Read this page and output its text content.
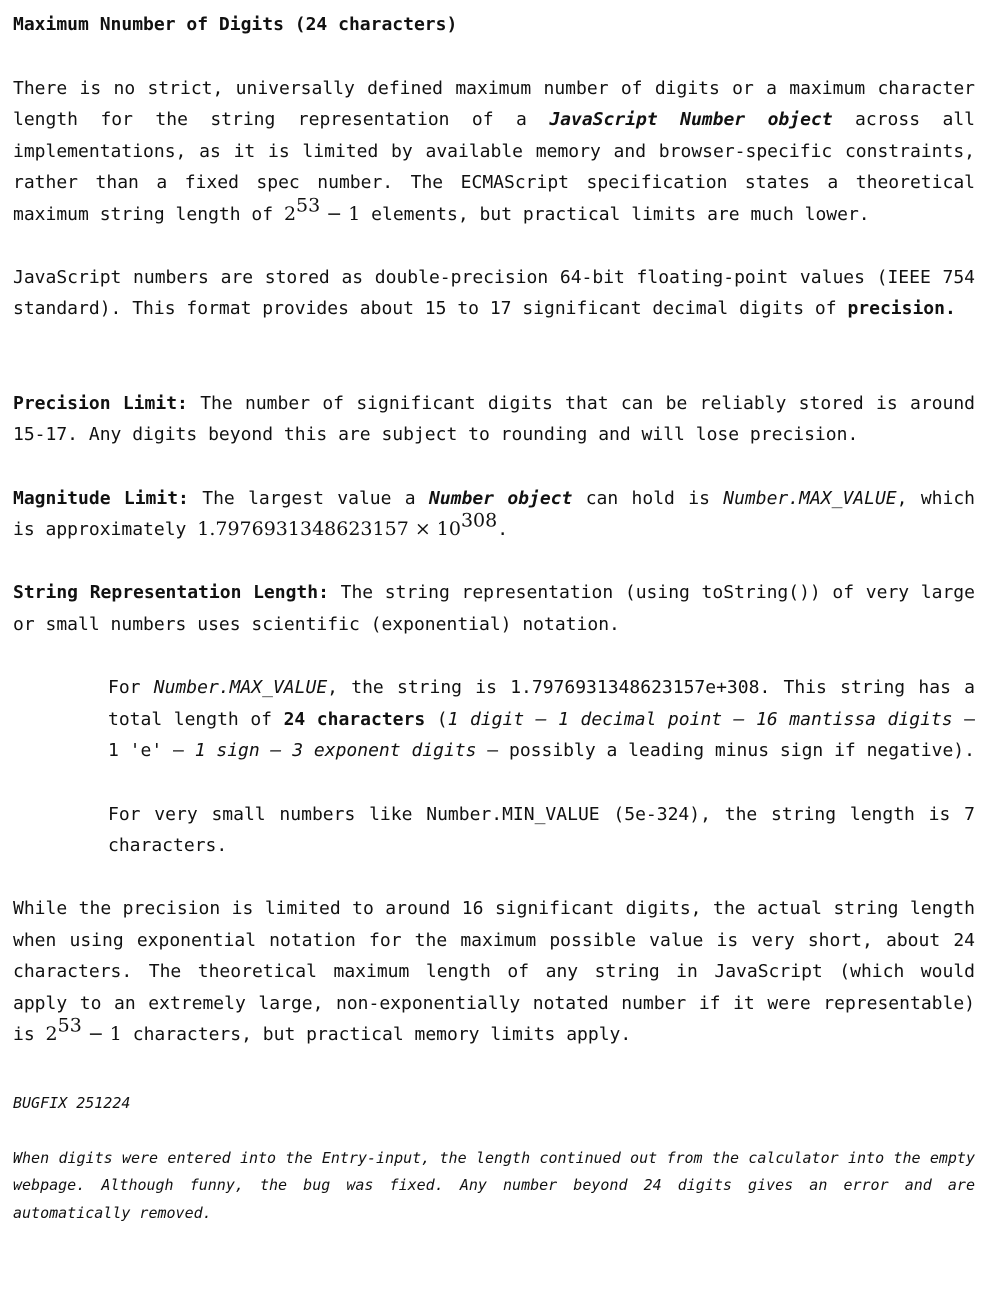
Maximum Nnumber of Digits (24 characters)

There is no strict, universally defined maximum number of digits or a maximum character length for the string representation of a JavaScript Number object across all implementations, as it is limited by available memory and browser-specific constraints, rather than a fixed spec number. The ECMAScript specification states a theoretical maximum string length of $2^{53} - 1$ elements, but practical limits are much lower.

JavaScript numbers are stored as double-precision 64-bit floating-point values (IEEE 754 standard). This format provides about 15 to 17 significant decimal digits of precision.

Precision Limit: The number of significant digits that can be reliably stored is around 15-17. Any digits beyond this are subject to rounding and will lose precision.

Magnitude Limit: The largest value a Number object can hold is Number.MAX_VALUE, which is approximately $1.7976931348623157 \times 10^{308}$.

String Representation Length: The string representation (using toString()) of very large or small numbers uses scientific (exponential) notation.

For Number.MAX_VALUE, the string is 1.7976931348623157e+308. This string has a total length of 24 characters (1 digit – 1 decimal point – 16 mantissa digits – 1 'e' – 1 sign – 3 exponent digits – possibly a leading minus sign if negative).

For very small numbers like Number.MIN_VALUE (5e-324), the string length is 7 characters.

While the precision is limited to around 16 significant digits, the actual string length when using exponential notation for the maximum possible value is very short, about 24 characters. The theoretical maximum length of any string in JavaScript (which would apply to an extremely large, non-exponentially notated number if it were representable) is $2^{53} - 1$ characters, but practical memory limits apply.

BUGFIX 251224
When digits were entered into the Entry-input, the length continued out from the calculator into the empty webpage. Although funny, the bug was fixed. Any number beyond 24 digits gives an error and are automatically removed.
